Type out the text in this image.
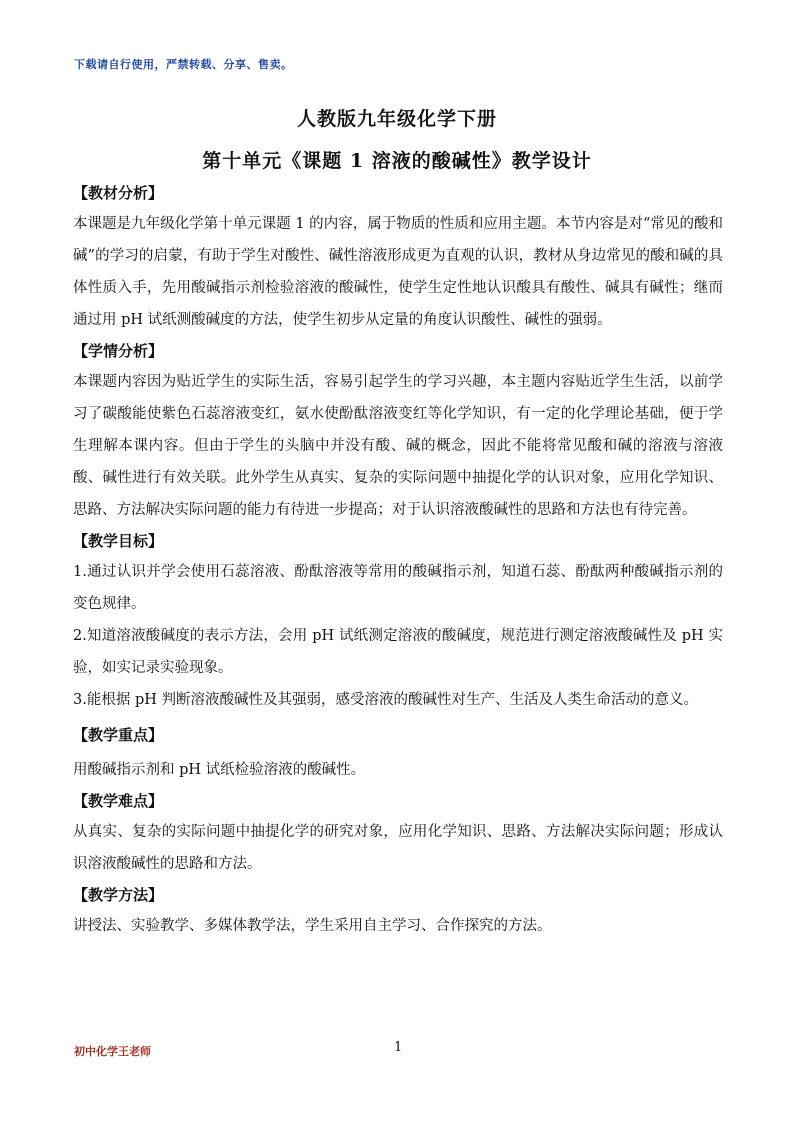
下载请自行使用，严禁转载、分享、售卖。
人教版九年级化学下册
第十单元《课题 1 溶液的酸碱性》教学设计
【教材分析】

本课题是九年级化学第十单元课题 1 的内容，属于物质的性质和应用主题。本节内容是对“常见的酸和碱”的学习的启蒙，有助于学生对酸性、碱性溶液形成更为直观的认识，教材从身边常见的酸和碱的具体性质入手，先用酸碱指示剂检验溶液的酸碱性，使学生定性地认识酸具有酸性、碱具有碱性；继而通过用 pH 试纸测酸碱度的方法，使学生初步从定量的角度认识酸性、碱性的强弱。

【学情分析】

本课题内容因为贴近学生的实际生活，容易引起学生的学习兴趣，本主题内容贴近学生生活，以前学习了碳酸能使紫色石蕊溶液变红，氨水使酚酞溶液变红等化学知识，有一定的化学理论基础，便于学生理解本课内容。但由于学生的头脑中并没有酸、碱的概念，因此不能将常见酸和碱的溶液与溶液酸、碱性进行有效关联。此外学生从真实、复杂的实际问题中抽提化学的认识对象，应用化学知识、思路、方法解决实际问题的能力有待进一步提高；对于认识溶液酸碱性的思路和方法也有待完善。

【教学目标】

1.通过认识并学会使用石蕊溶液、酚酞溶液等常用的酸碱指示剂，知道石蕊、酚酞两种酸碱指示剂的变色规律。

2.知道溶液酸碱度的表示方法，会用 pH 试纸测定溶液的酸碱度，规范进行测定溶液酸碱性及 pH 实验，如实记录实验现象。

3.能根据 pH 判断溶液酸碱性及其强弱，感受溶液的酸碱性对生产、生活及人类生命活动的意义。

【教学重点】

用酸碱指示剂和 pH 试纸检验溶液的酸碱性。

【教学难点】

从真实、复杂的实际问题中抽提化学的研究对象，应用化学知识、思路、方法解决实际问题；形成认识溶液酸碱性的思路和方法。

【教学方法】

讲授法、实验教学、多媒体教学法，学生采用自主学习、合作探究的方法。

初中化学王老师	1
